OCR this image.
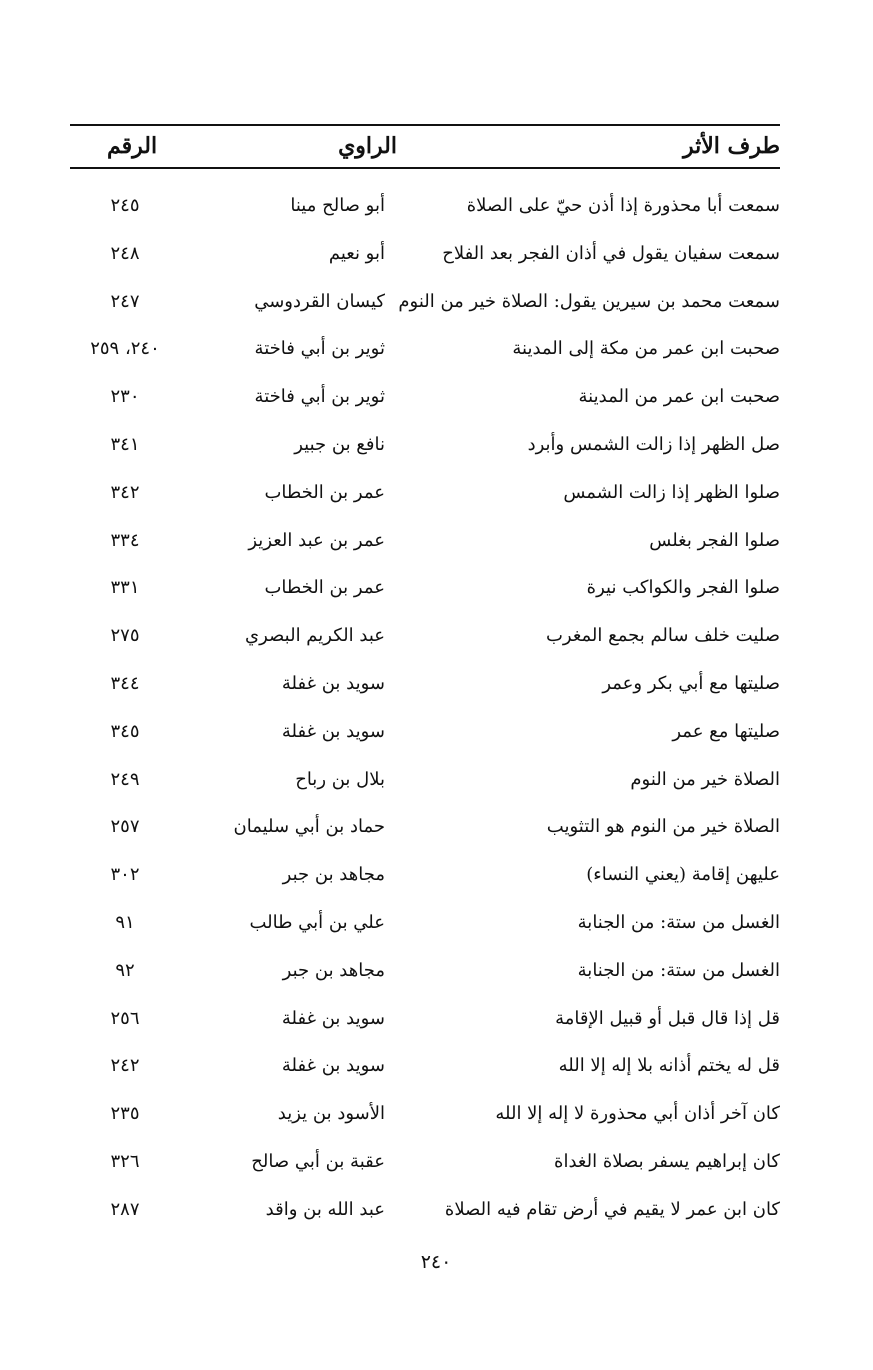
طرف الأثر
الراوي
الرقم
سمعت أبا محذورة إذا أذن حيّ على الصلاة
أبو صالح مينا
٢٤٥
سمعت سفيان يقول في أذان الفجر بعد الفلاح
أبو نعيم
٢٤٨
سمعت محمد بن سيرين يقول: الصلاة خير من النوم
كيسان القردوسي
٢٤٧
صحبت ابن عمر من مكة إلى المدينة
ثوير بن أبي فاختة
٢٤٠، ٢٥٩
صحبت ابن عمر من المدينة
ثوير بن أبي فاختة
٢٣٠
صل الظهر إذا زالت الشمس وأبرد
نافع بن جبير
٣٤١
صلوا الظهر إذا زالت الشمس
عمر بن الخطاب
٣٤٢
صلوا الفجر بغلس
عمر بن عبد العزيز
٣٣٤
صلوا الفجر والكواكب نيرة
عمر بن الخطاب
٣٣١
صليت خلف سالم بجمع المغرب
عبد الكريم البصري
٢٧٥
صليتها مع أبي بكر وعمر
سويد بن غفلة
٣٤٤
صليتها مع عمر
سويد بن غفلة
٣٤٥
الصلاة خير من النوم
بلال بن رباح
٢٤٩
الصلاة خير من النوم هو التثويب
حماد بن أبي سليمان
٢٥٧
عليهن إقامة (يعني النساء)
مجاهد بن جبر
٣٠٢
الغسل من ستة: من الجنابة
علي بن أبي طالب
٩١
الغسل من ستة: من الجنابة
مجاهد بن جبر
٩٢
قل إذا قال قبل أو قبيل الإقامة
سويد بن غفلة
٢٥٦
قل له يختم أذانه بلا إله إلا الله
سويد بن غفلة
٢٤٢
كان آخر أذان أبي محذورة لا إله إلا الله
الأسود بن يزيد
٢٣٥
كان إبراهيم يسفر بصلاة الغداة
عقبة بن أبي صالح
٣٢٦
كان ابن عمر لا يقيم في أرض تقام فيه الصلاة
عبد الله بن واقد
٢٨٧
٢٤٠
